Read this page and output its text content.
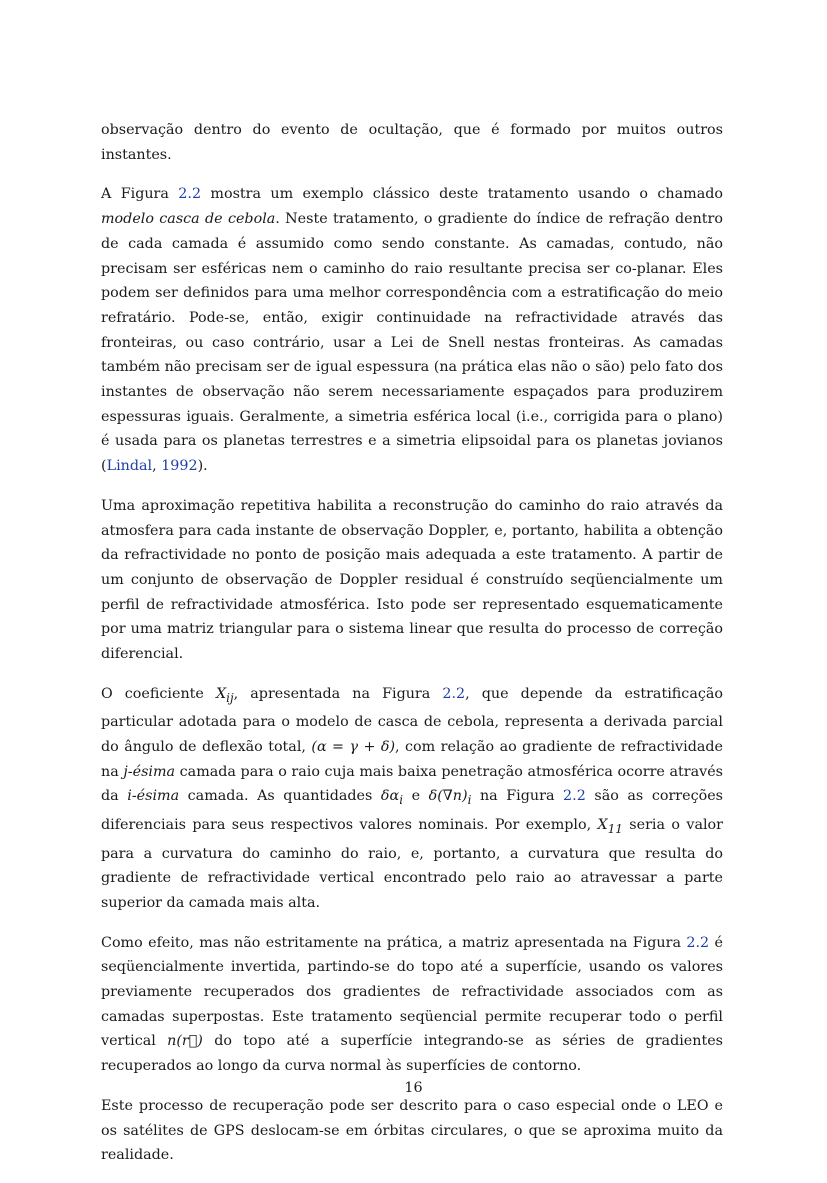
observação dentro do evento de ocultação, que é formado por muitos outros instantes.

A Figura 2.2 mostra um exemplo clássico deste tratamento usando o chamado modelo casca de cebola. Neste tratamento, o gradiente do índice de refração dentro de cada camada é assumido como sendo constante. As camadas, contudo, não precisam ser esféricas nem o caminho do raio resultante precisa ser co-planar. Eles podem ser definidos para uma melhor correspondência com a estratificação do meio refratário. Pode-se, então, exigir continuidade na refractividade através das fronteiras, ou caso contrário, usar a Lei de Snell nestas fronteiras. As camadas também não precisam ser de igual espessura (na prática elas não o são) pelo fato dos instantes de observação não serem necessariamente espaçados para produzirem espessuras iguais. Geralmente, a simetria esférica local (i.e., corrigida para o plano) é usada para os planetas terrestres e a simetria elipsoidal para os planetas jovianos (Lindal, 1992).

Uma aproximação repetitiva habilita a reconstrução do caminho do raio através da atmosfera para cada instante de observação Doppler, e, portanto, habilita a obtenção da refractividade no ponto de posição mais adequada a este tratamento. A partir de um conjunto de observação de Doppler residual é construído seqüencialmente um perfil de refractividade atmosférica. Isto pode ser representado esquematicamente por uma matriz triangular para o sistema linear que resulta do processo de correção diferencial.

O coeficiente $X_{ij}$, apresentada na Figura 2.2, que depende da estratificação particular adotada para o modelo de casca de cebola, representa a derivada parcial do ângulo de deflexão total, (α = γ + δ), com relação ao gradiente de refractividade na j-ésima camada para o raio cuja mais baixa penetração atmosférica ocorre através da i-ésima camada. As quantidades $\delta\alpha_i$ e $\delta(\nabla n)_i$ na Figura 2.2 são as correções diferenciais para seus respectivos valores nominais. Por exemplo, $X_{11}$ seria o valor para a curvatura do caminho do raio, e, portanto, a curvatura que resulta do gradiente de refractividade vertical encontrado pelo raio ao atravessar a parte superior da camada mais alta.

Como efeito, mas não estritamente na prática, a matriz apresentada na Figura 2.2 é seqüencialmente invertida, partindo-se do topo até a superfície, usando os valores previamente recuperados dos gradientes de refractividade associados com as camadas superpostas. Este tratamento seqüencial permite recuperar todo o perfil vertical n(r⃗) do topo até a superfície integrando-se as séries de gradientes recuperados ao longo da curva normal às superfícies de contorno.

Este processo de recuperação pode ser descrito para o caso especial onde o LEO e os satélites de GPS deslocam-se em órbitas circulares, o que se aproxima muito da realidade.

16
